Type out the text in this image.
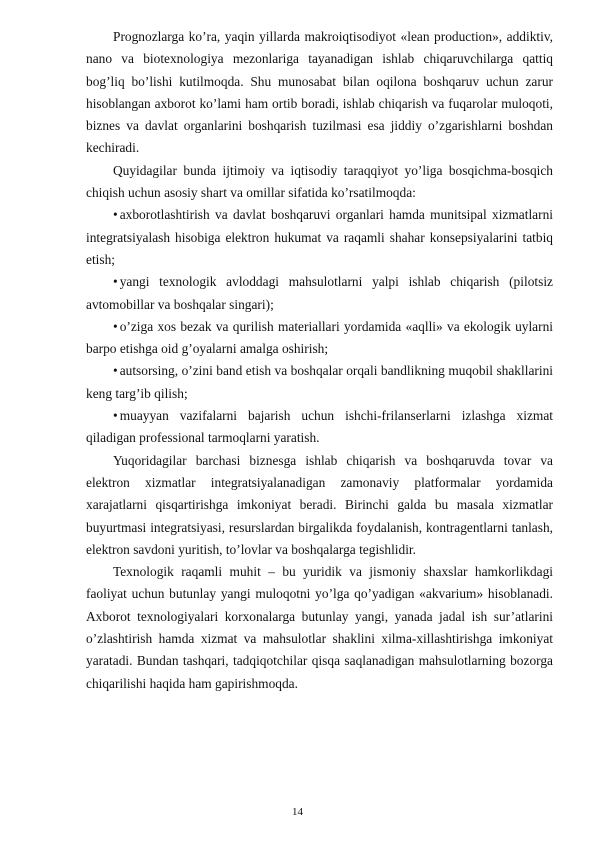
Prognozlarga ko’ra, yaqin yillarda makroiqtisodiyot «lean production», addiktiv, nano va biotexnologiya mezonlariga tayanadigan ishlab chiqaruvchilarga qattiq bog’liq bo’lishi kutilmoqda. Shu munosabat bilan oqilona boshqaruv uchun zarur hisoblangan axborot ko’lami ham ortib boradi, ishlab chiqarish va fuqarolar muloqoti, biznes va davlat organlarini boshqarish tuzilmasi esa jiddiy o’zgarishlarni boshdan kechiradi.

Quyidagilar bunda ijtimoiy va iqtisodiy taraqqiyot yo’liga bosqichma-bosqich chiqish uchun asosiy shart va omillar sifatida ko’rsatilmoqda:

• axborotlashtirish va davlat boshqaruvi organlari hamda munitsipal xizmatlarni integratsiyalash hisobiga elektron hukumat va raqamli shahar konsepsiyalarini tatbiq etish;

• yangi texnologik avloddagi mahsulotlarni yalpi ishlab chiqarish (pilotsiz avtomobillar va boshqalar singari);

• o’ziga xos bezak va qurilish materiallari yordamida «aqlli» va ekologik uylarni barpo etishga oid g’oyalarni amalga oshirish;

• autsorsing, o’zini band etish va boshqalar orqali bandlikning muqobil shakllarini keng targ’ib qilish;

• muayyan vazifalarni bajarish uchun ishchi-frilanserlarni izlashga xizmat qiladigan professional tarmoqlarni yaratish.

Yuqoridagilar barchasi biznesga ishlab chiqarish va boshqaruvda tovar va elektron xizmatlar integratsiyalanadigan zamonaviy platformalar yordamida xarajatlarni qisqartirishga imkoniyat beradi. Birinchi galda bu masala xizmatlar buyurtmasi integratsiyasi, resurslardan birgalikda foydalanish, kontragentlarni tanlash, elektron savdoni yuritish, to’lovlar va boshqalarga tegishlidir.

Texnologik raqamli muhit – bu yuridik va jismoniy shaxslar hamkorlikdagi faoliyat uchun butunlay yangi muloqotni yo’lga qo’yadigan «akvarium» hisoblanadi. Axborot texnologiyalari korxonalarga butunlay yangi, yanada jadal ish sur’atlarini o’zlashtirish hamda xizmat va mahsulotlar shaklini xilma-xillashtirishga imkoniyat yaratadi. Bundan tashqari, tadqiqotchilar qisqa saqlanadigan mahsulotlarning bozorga chiqarilishi haqida ham gapirishmoqda.

14
